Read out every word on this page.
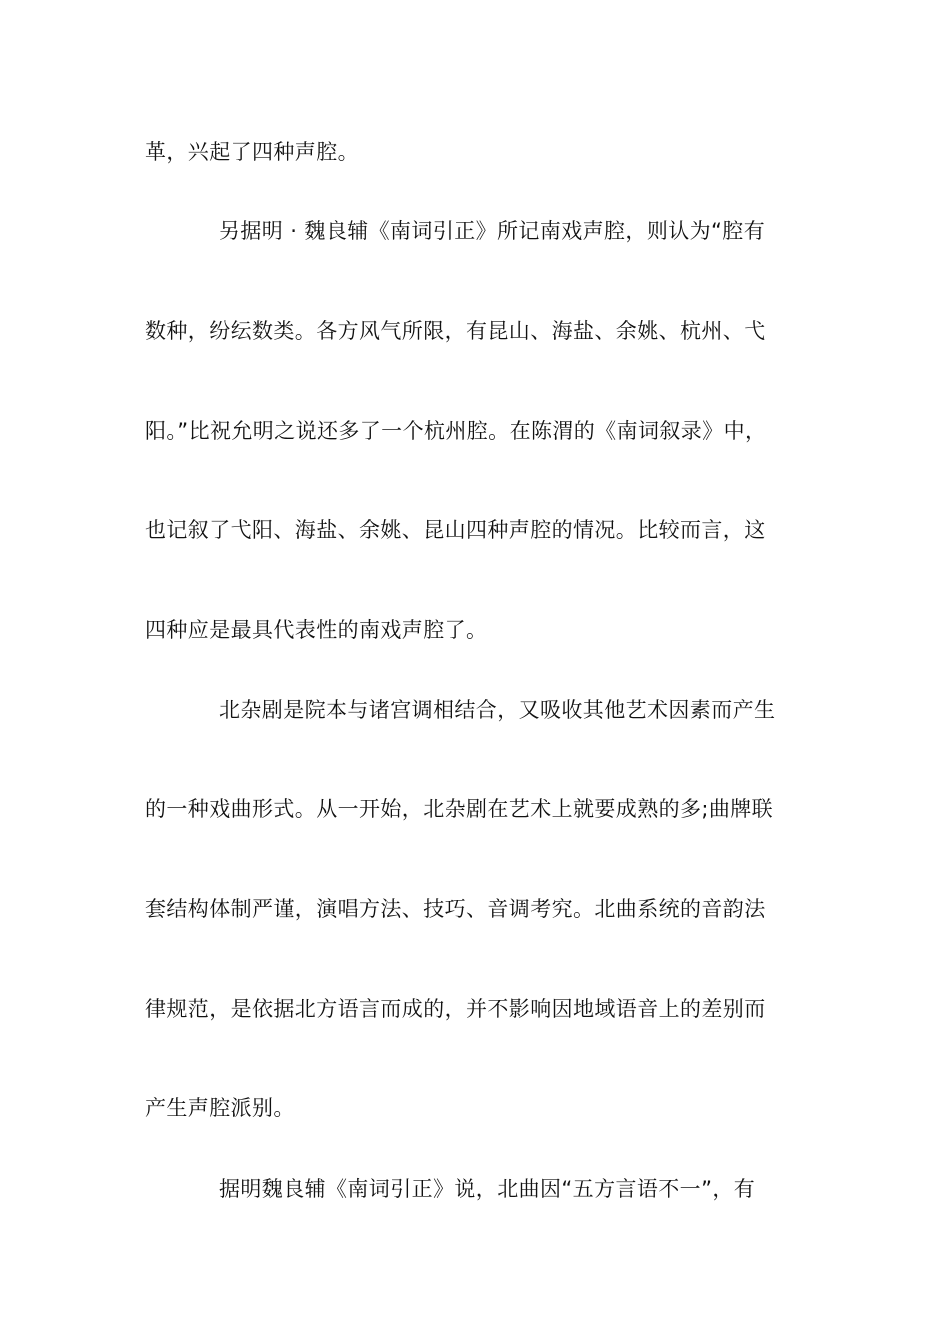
革，兴起了四种声腔。
另据明 · 魏良辅《南词引正》所记南戏声腔，则认为“腔有
数种，纷纭数类。各方风气所限，有昆山、海盐、余姚、杭州、弋
阳。”比祝允明之说还多了一个杭州腔。在陈渭的《南词叙录》中，
也记叙了弋阳、海盐、余姚、昆山四种声腔的情况。比较而言，这
四种应是最具代表性的南戏声腔了。
北杂剧是院本与诸宫调相结合，又吸收其他艺术因素而产生
的一种戏曲形式。从一开始，北杂剧在艺术上就要成熟的多;曲牌联
套结构体制严谨，演唱方法、技巧、音调考究。北曲系统的音韵法
律规范，是依据北方语言而成的，并不影响因地域语音上的差别而
产生声腔派别。
据明魏良辅《南词引正》说，北曲因“五方言语不一”，有
